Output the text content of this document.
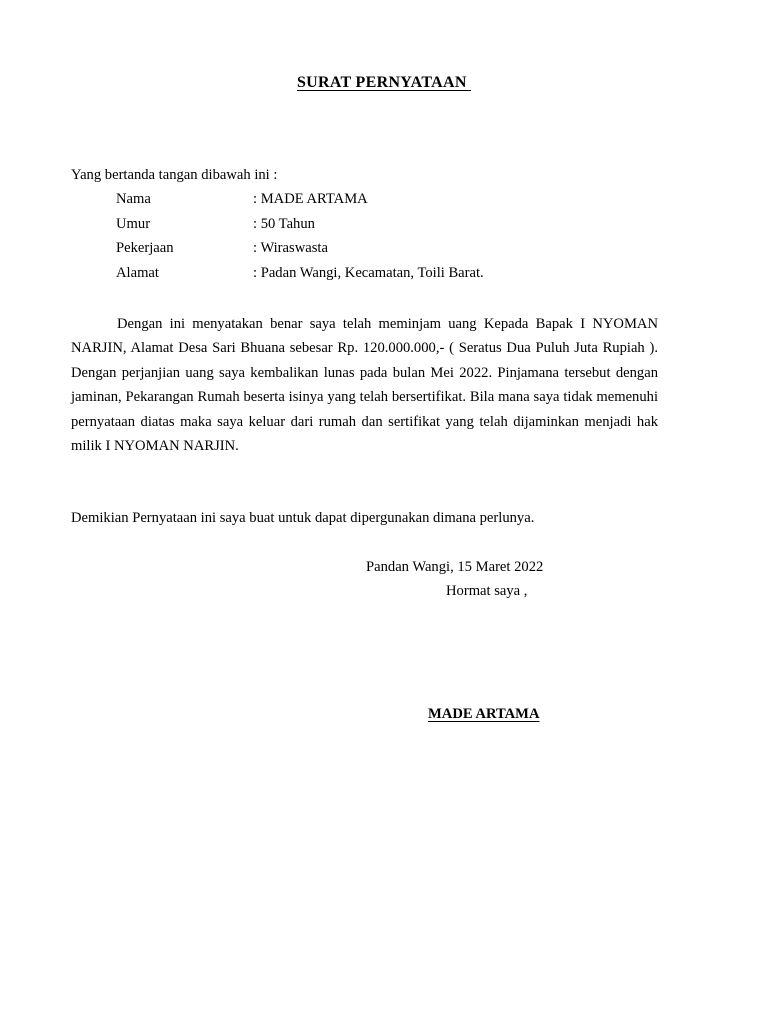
SURAT PERNYATAAN
Yang bertanda tangan dibawah ini :
Nama	: MADE ARTAMA
Umur	: 50 Tahun
Pekerjaan	: Wiraswasta
Alamat	: Padan Wangi, Kecamatan, Toili Barat.

Dengan ini menyatakan benar saya telah meminjam uang Kepada Bapak I NYOMAN NARJIN, Alamat Desa Sari Bhuana sebesar Rp. 120.000.000,- ( Seratus Dua Puluh Juta Rupiah ). Dengan perjanjian uang saya kembalikan lunas pada bulan Mei 2022. Pinjamana tersebut dengan jaminan, Pekarangan Rumah beserta isinya yang telah bersertifikat. Bila mana saya tidak memenuhi pernyataan diatas maka saya keluar dari rumah dan sertifikat yang telah dijaminkan menjadi hak milik I NYOMAN NARJIN.

Demikian Pernyataan ini saya buat untuk dapat dipergunakan dimana perlunya.
Pandan Wangi, 15 Maret 2022
Hormat saya ,
MADE ARTAMA
